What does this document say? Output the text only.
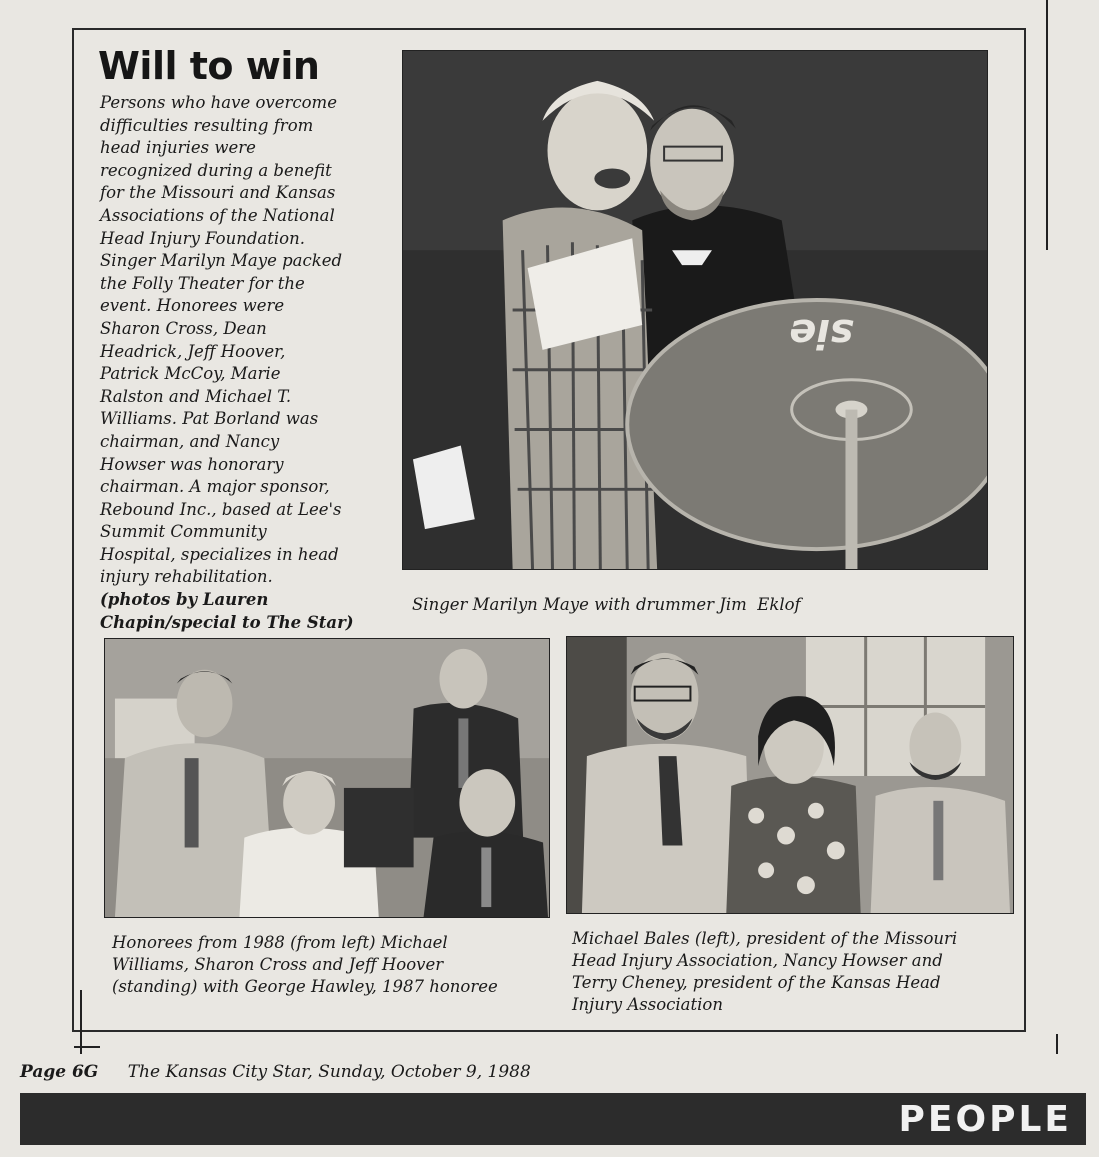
Will to win
Persons who have overcome
difficulties resulting from
head injuries were
recognized during a benefit
for the Missouri and Kansas
Associations of the National
Head Injury Foundation.
Singer Marilyn Maye packed
the Folly Theater for the
event. Honorees were
Sharon Cross, Dean
Headrick, Jeff Hoover,
Patrick McCoy, Marie
Ralston and Michael T.
Williams. Pat Borland was
chairman, and Nancy
Howser was honorary
chairman. A major sponsor,
Rebound Inc., based at Lee's
Summit Community
Hospital, specializes in head
injury rehabilitation.
(photos by Lauren
Chapin/special to The Star)
sie
Singer Marilyn Maye with drummer Jim  Eklof
Honorees from 1988 (from left) Michael
Williams, Sharon Cross and Jeff Hoover
(standing) with George Hawley, 1987 honoree
Michael Bales (left), president of the Missouri
Head Injury Association, Nancy Howser and
Terry Cheney, president of the Kansas Head
Injury Association
Page 6G The Kansas City Star, Sunday, October 9, 1988
PEOPLE
